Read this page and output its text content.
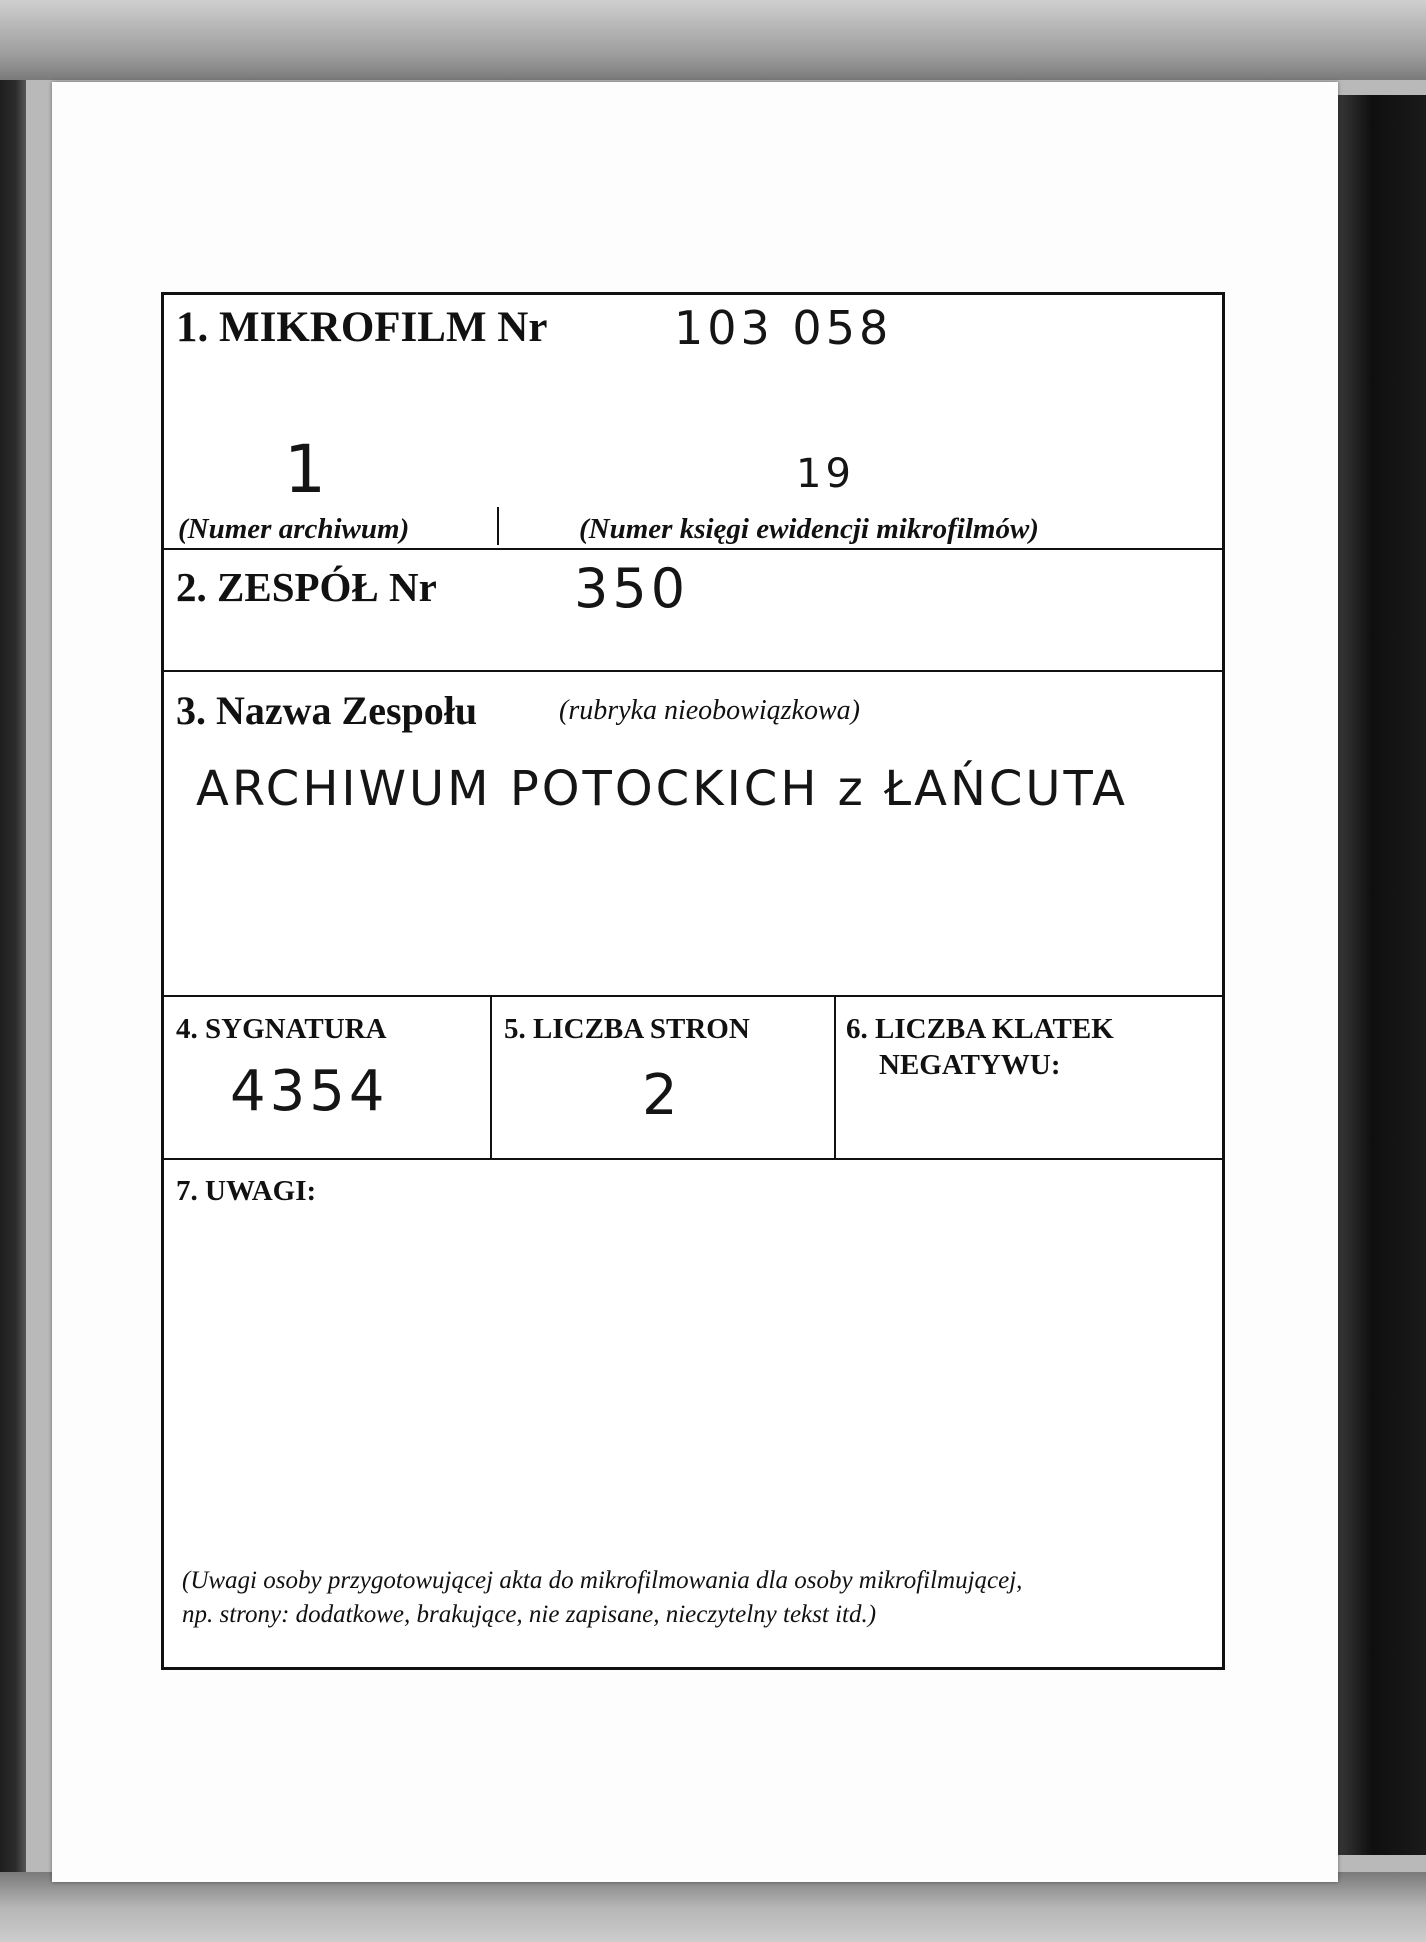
1. MIKROFILM Nr	103 058
1	19
(Numer archiwum)	(Numer księgi ewidencji mikrofilmów)
2. ZESPÓŁ Nr	350
3. Nazwa Zespołu	(rubryka nieobowiązkowa)
ARCHIWUM POTOCKICH z ŁAŃCUTA
4. SYGNATURA
4354
5. LICZBA STRON
2
6. LICZBA KLATEK
NEGATYWU:
7. UWAGI:
(Uwagi osoby przygotowującej akta do mikrofilmowania dla osoby mikrofilmującej,
np. strony: dodatkowe, brakujące, nie zapisane, nieczytelny tekst itd.)
